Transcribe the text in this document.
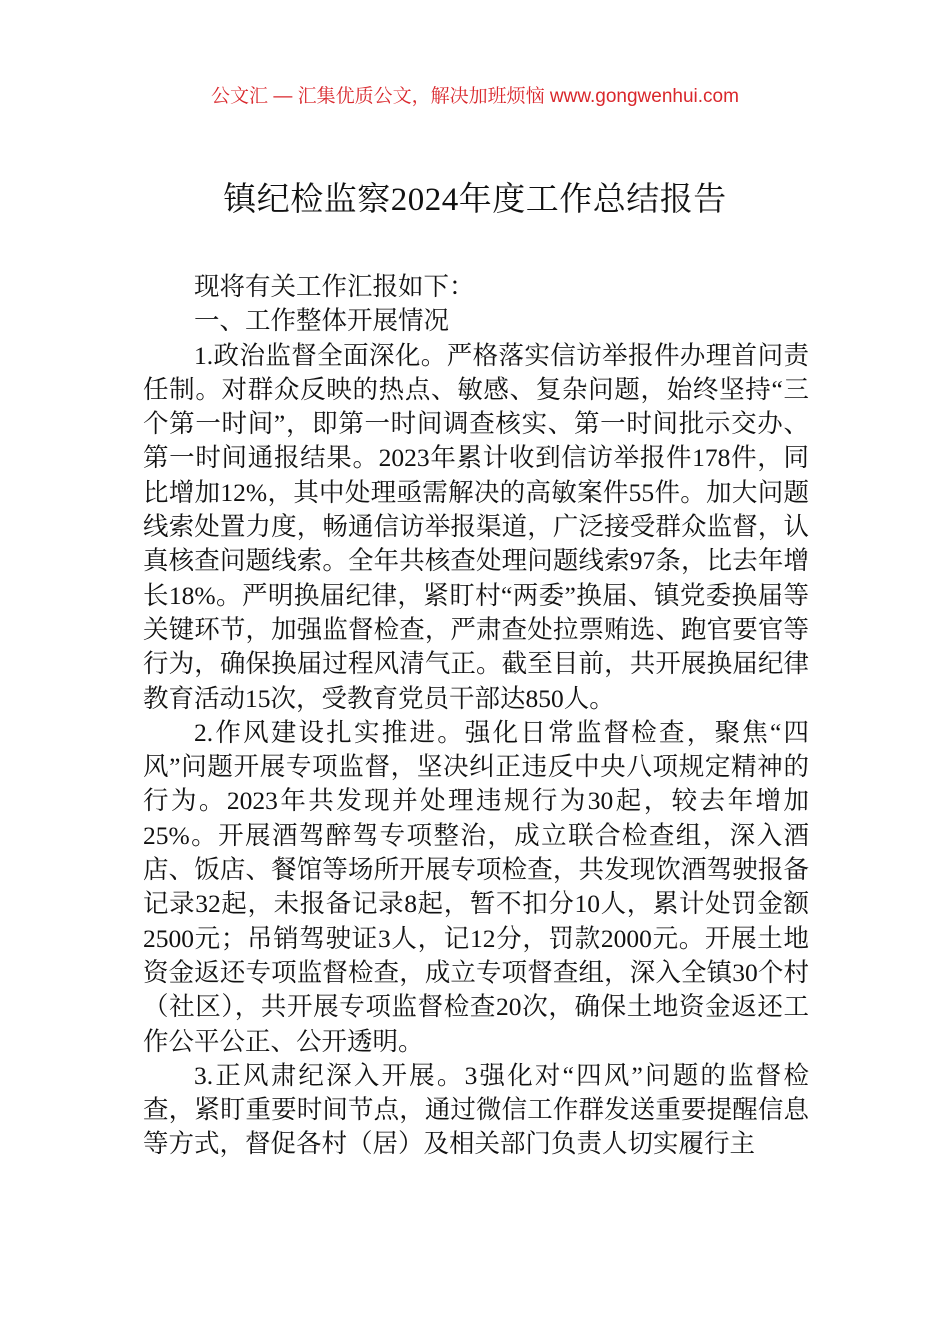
公文汇 — 汇集优质公文，解决加班烦恼 www.gongwenhui.com
镇纪检监察2024年度工作总结报告

现将有关工作汇报如下：

一、工作整体开展情况

1.政治监督全面深化。严格落实信访举报件办理首问责任制。对群众反映的热点、敏感、复杂问题，始终坚持“三个第一时间”，即第一时间调查核实、第一时间批示交办、第一时间通报结果。2023年累计收到信访举报件178件，同比增加12%，其中处理亟需解决的高敏案件55件。加大问题线索处置力度，畅通信访举报渠道，广泛接受群众监督，认真核查问题线索。全年共核查处理问题线索97条，比去年增长18%。严明换届纪律，紧盯村“两委”换届、镇党委换届等关键环节，加强监督检查，严肃查处拉票贿选、跑官要官等行为，确保换届过程风清气正。截至目前，共开展换届纪律教育活动15次，受教育党员干部达850人。

2.作风建设扎实推进。强化日常监督检查，聚焦“四风”问题开展专项监督，坚决纠正违反中央八项规定精神的行为。2023年共发现并处理违规行为30起，较去年增加25%。开展酒驾醉驾专项整治，成立联合检查组，深入酒店、饭店、餐馆等场所开展专项检查，共发现饮酒驾驶报备记录32起，未报备记录8起，暂不扣分10人，累计处罚金额2500元；吊销驾驶证3人，记12分，罚款2000元。开展土地资金返还专项监督检查，成立专项督查组，深入全镇30个村（社区），共开展专项监督检查20次，确保土地资金返还工作公平公正、公开透明。

3.正风肃纪深入开展。3强化对“四风”问题的监督检查，紧盯重要时间节点，通过微信工作群发送重要提醒信息等方式，督促各村（居）及相关部门负责人切实履行主
